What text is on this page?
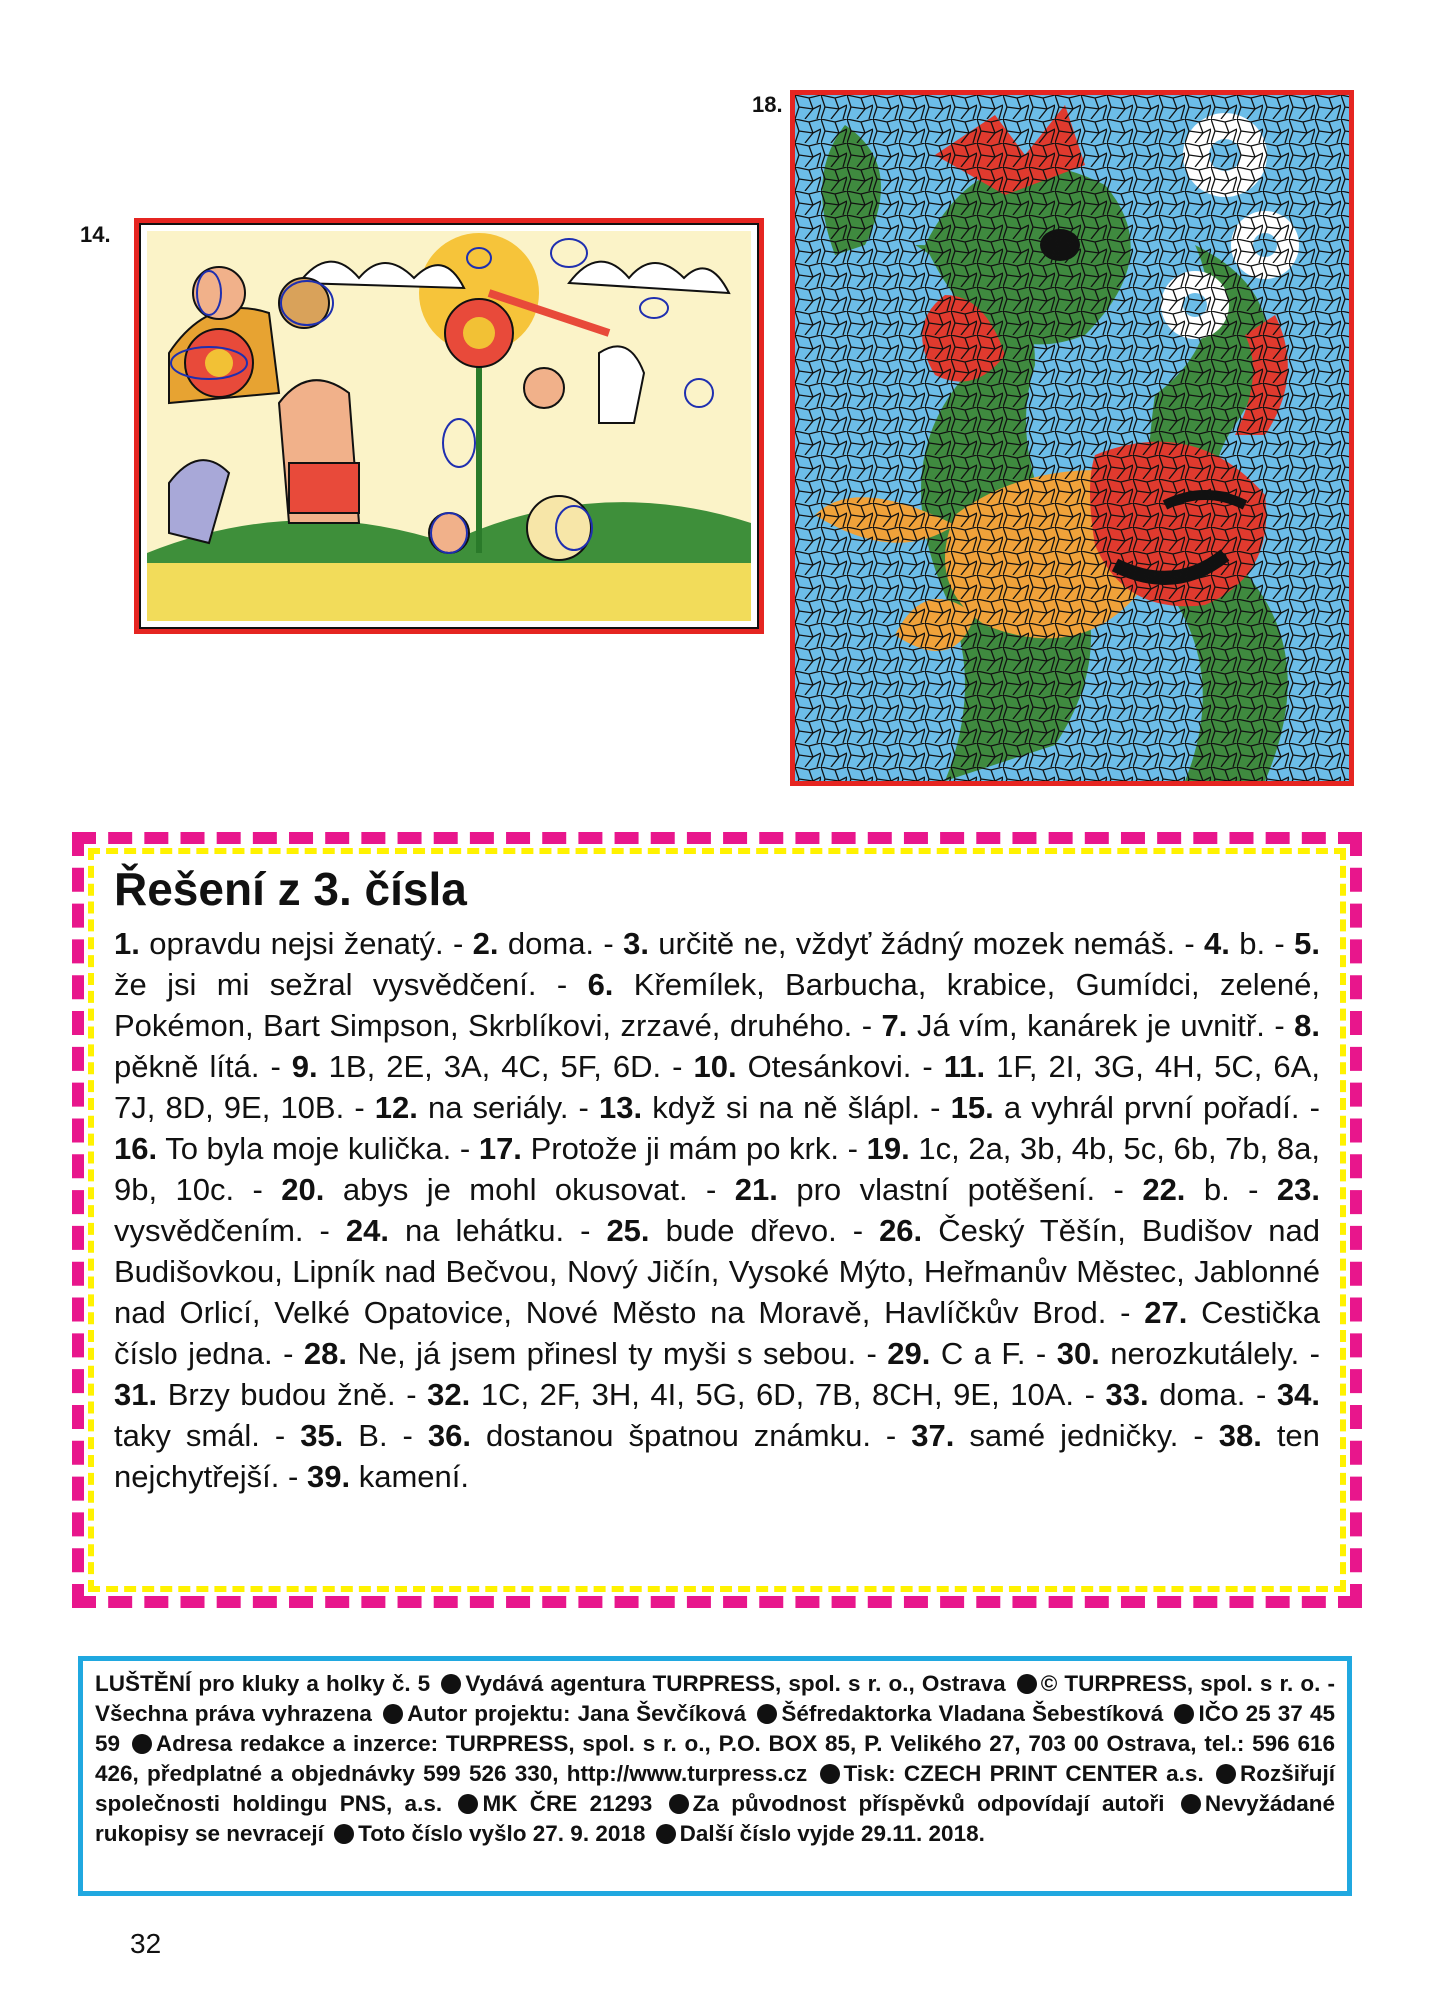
14.
18.
Řešení z 3. čísla

1. opravdu nejsi ženatý. - 2. doma. - 3. určitě ne, vždyť žádný mozek nemáš. - 4. b. - 5. že jsi mi sežral vysvědčení. - 6. Křemílek, Barbucha, krabice, Gumídci, zelené, Pokémon, Bart Simpson, Skrblíkovi, zrzavé, druhého. - 7. Já vím, kanárek je uvnitř. - 8. pěkně lítá. - 9. 1B, 2E, 3A, 4C, 5F, 6D. - 10. Otesánkovi. - 11. 1F, 2I, 3G, 4H, 5C, 6A, 7J, 8D, 9E, 10B. - 12. na seriály. - 13. když si na ně šlápl. - 15. a vyhrál první pořadí. - 16. To byla moje kulička. - 17. Protože ji mám po krk. - 19. 1c, 2a, 3b, 4b, 5c, 6b, 7b, 8a, 9b, 10c. - 20. abys je mohl okusovat. - 21. pro vlastní potěšení. - 22. b. - 23. vysvědčením. - 24. na lehátku. - 25. bude dřevo. - 26. Český Těšín, Budišov nad Budišovkou, Lipník nad Bečvou, Nový Jičín, Vysoké Mýto, Heřmanův Městec, Jablonné nad Orlicí, Velké Opatovice, Nové Město na Moravě, Havlíčkův Brod. - 27. Cestička číslo jedna. - 28. Ne, já jsem přinesl ty myši s sebou. - 29. C a F. - 30. nerozkutálely. - 31. Brzy budou žně. - 32. 1C, 2F, 3H, 4I, 5G, 6D, 7B, 8CH, 9E, 10A. - 33. doma. - 34. taky smál. - 35. B. - 36. dostanou špatnou známku. - 37. samé jedničky. - 38. ten nejchytřejší. - 39. kamení.

LUŠTĚNÍ pro kluky a holky č. 5 Vydává agentura TURPRESS, spol. s r. o., Ostrava © TURPRESS, spol. s r. o. - Všechna práva vyhrazena Autor projektu: Jana Ševčíková Šéfredaktorka Vladana Šebestíková IČO 25 37 45 59 Adresa redakce a inzerce: TURPRESS, spol. s r. o., P.O. BOX 85, P. Velikého 27, 703 00 Ostrava, tel.: 596 616 426, předplatné a objednávky 599 526 330, http://www.turpress.cz Tisk: CZECH PRINT CENTER a.s. Rozšiřují společnosti holdingu PNS, a.s. MK ČRE 21293 Za původnost příspěvků odpovídají autoři Nevyžádané rukopisy se nevracejí Toto číslo vyšlo 27. 9. 2018 Další číslo vyjde 29.11. 2018.

32
